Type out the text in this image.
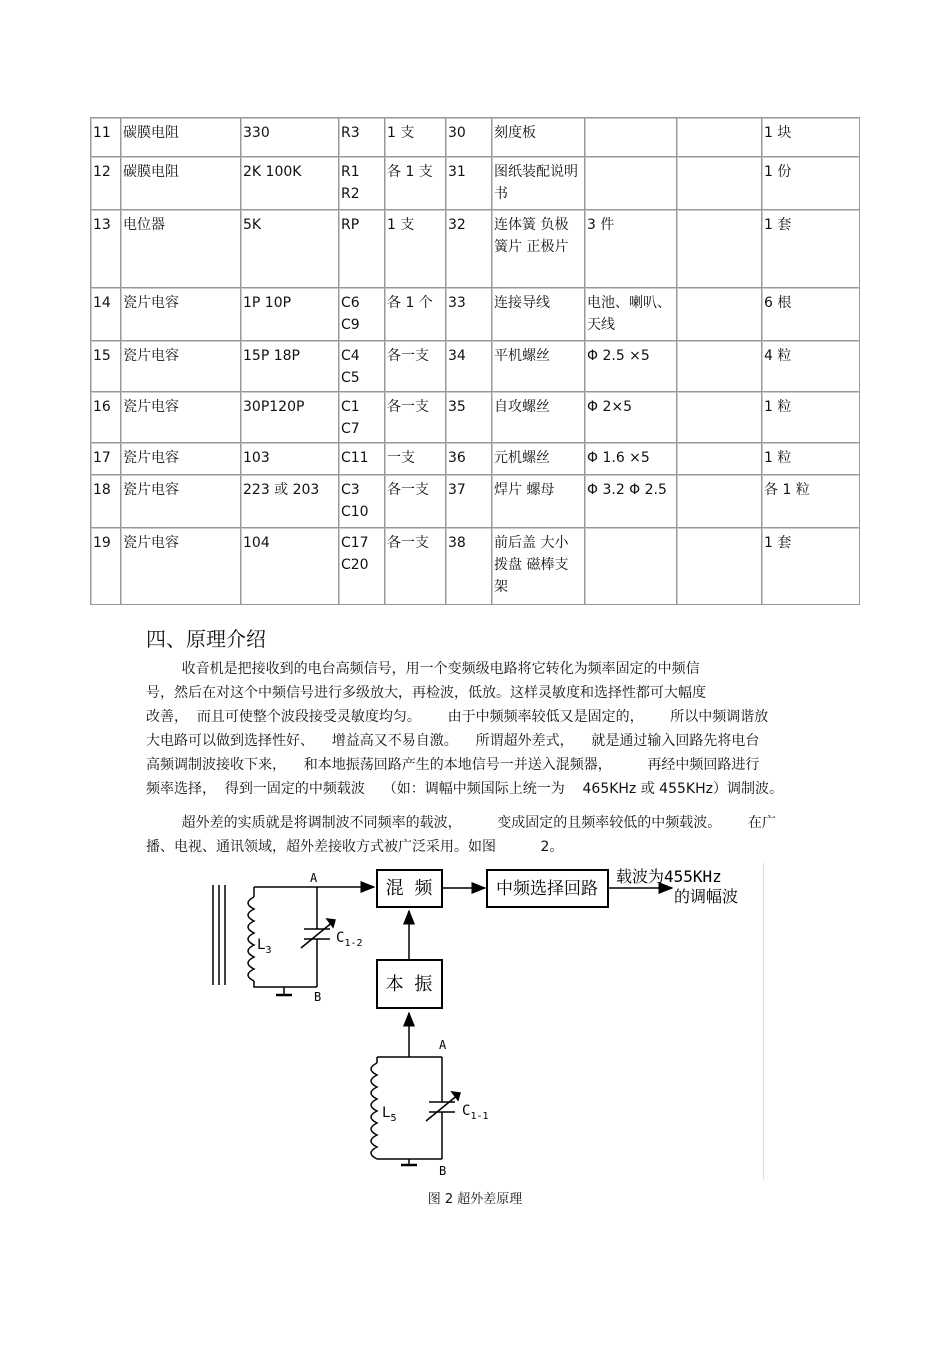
11	碳膜电阻	330	R3	1 支	30	刻度板			1 块
12	碳膜电阻	2K 100K	R1 R2	各 1 支	31	图纸装配说明书			1 份
13	电位器	5K	RP	1 支	32	连体簧 负极簧片 正极片	3 件		1 套
14	瓷片电容	1P 10P	C6 C9	各 1 个	33	连接导线	电池、喇叭、天线		6 根
15	瓷片电容	15P 18P	C4 C5	各一支	34	平机螺丝	Φ 2.5 ×5		4 粒
16	瓷片电容	30P120P	C1 C7	各一支	35	自攻螺丝	Φ 2×5		1 粒
17	瓷片电容	103	C11	一支	36	元机螺丝	Φ 1.6 ×5		1 粒
18	瓷片电容	223 或 203	C3 C10	各一支	37	焊片 螺母	Φ 3.2 Φ 2.5		各 1 粒
19	瓷片电容	104	C17 C20	各一支	38	前后盖 大小拨盘 磁棒支架			1 套
四、原理介绍

收音机是把接收到的电台高频信号，用一个变频级电路将它转化为频率固定的中频信

号，然后在对这个中频信号进行多级放大，再检波，低放。这样灵敏度和选择性都可大幅度

改善，  而且可使整个波段接受灵敏度均匀。      由于中频频率较低又是固定的，      所以中频调谐放

大电路可以做到选择性好、    增益高又不易自激。    所谓超外差式，    就是通过输入回路先将电台

高频调制波接收下来，    和本地振荡回路产生的本地信号一并送入混频器，        再经中频回路进行

频率选择，  得到一固定的中频载波    （如：调幅中频国际上统一为    465KHz 或 455KHz）调制波。

超外差的实质就是将调制波不同频率的载波，        变成固定的且频率较低的中频载波。      在广

播、电视、通讯领域，超外差接收方式被广泛采用。如图          2。

A
B
$L_3$
$C_{1-2}$
混 频	中频选择回路
载波为455KHz
的调幅波
本 振
A
B
$L_5$	$C_{1-1}$
图 2 超外差原理
